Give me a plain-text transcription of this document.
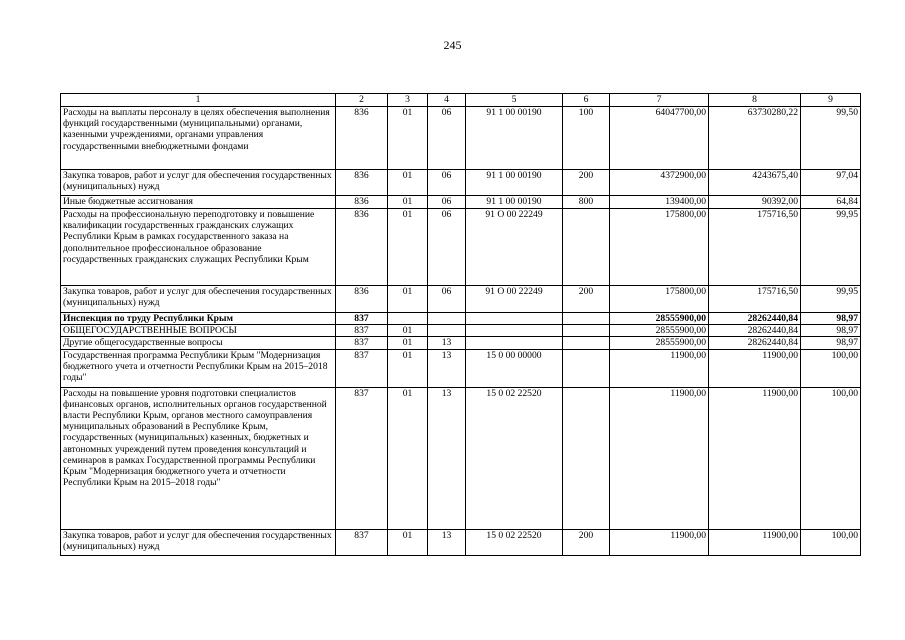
245
1	2	3	4	5	6	7	8	9
Расходы на выплаты персоналу в целях обеспечения выполнения функций государственными (муниципальными) органами, казенными учреждениями, органами управления государственными внебюджетными фондами	836	01	06	91 1 00 00190	100	64047700,00	63730280,22	99,50
Закупка товаров, работ и услуг для обеспечения государственных (муниципальных) нужд	836	01	06	91 1 00 00190	200	4372900,00	4243675,40	97,04
Иные бюджетные ассигнования	836	01	06	91 1 00 00190	800	139400,00	90392,00	64,84
Расходы на профессиональную переподготовку и повышение квалификации государственных гражданских служащих Республики Крым в рамках государственного заказа на дополнительное профессиональное образование государственных гражданских служащих Республики Крым	836	01	06	91 О 00 22249		175800,00	175716,50	99,95
Закупка товаров, работ и услуг для обеспечения государственных (муниципальных) нужд	836	01	06	91 О 00 22249	200	175800,00	175716,50	99,95
Инспекция по труду Республики Крым	837					28555900,00	28262440,84	98,97
ОБЩЕГОСУДАРСТВЕННЫЕ ВОПРОСЫ	837	01				28555900,00	28262440,84	98,97
Другие общегосударственные вопросы	837	01	13			28555900,00	28262440,84	98,97
Государственная программа Республики Крым "Модернизация бюджетного учета и отчетности Республики Крым на 2015–2018 годы"	837	01	13	15 0 00 00000		11900,00	11900,00	100,00
Расходы на повышение уровня подготовки специалистов финансовых органов, исполнительных органов государственной власти Республики Крым, органов местного самоуправления муниципальных образований в Республике Крым, государственных (муниципальных) казенных, бюджетных и автономных учреждений путем проведения консультаций и семинаров в рамках Государственной программы Республики Крым "Модернизация бюджетного учета и отчетности Республики Крым на 2015–2018 годы"	837	01	13	15 0 02 22520		11900,00	11900,00	100,00
Закупка товаров, работ и услуг для обеспечения государственных (муниципальных) нужд	837	01	13	15 0 02 22520	200	11900,00	11900,00	100,00
